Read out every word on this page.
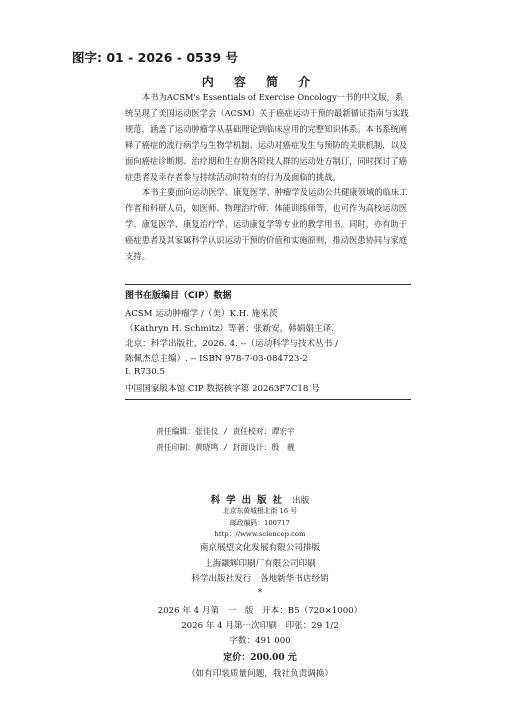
图字: 01 - 2026 - 0539 号
内 容 简 介
本书为ACSM's Essentials of Exercise Oncology一书的中文版，系统呈现了美国运动医学会（ACSM）关于癌症运动干预的最新循证指南与实践规范，涵盖了运动肿瘤学从基础理论到临床应用的完整知识体系。本书系统阐释了癌症的流行病学与生物学机制、运动对癌症发生与预防的关联机制，以及面向癌症诊断期、治疗期和生存期各阶段人群的运动处方制订，同时探讨了癌症患者及幸存者参与持续活动时特有的行为及面临的挑战。
本书主要面向运动医学、康复医学、肿瘤学及运动公共健康领域的临床工作者和科研人员，如医师、物理治疗师、体能训练师等，也可作为高校运动医学、康复医学、康复治疗学、运动康复学等专业的教学用书。同时，亦有助于癌症患者及其家属科学认识运动干预的价值和实施原则，推动医患协同与家庭支持。
图书在版编目（CIP）数据
ACSM 运动肿瘤学 /（美）K.H. 施米茨
（Kathryn H. Schmitz）等著；张新安，韩娟娟主译.
北京：科学出版社，2026. 4. --（运动科学与技术丛书 /
陈佩杰总主编）. -- ISBN 978-7-03-084723-2
Ⅰ. R730.5
中国国家版本馆 CIP 数据核字第 20263F7C18 号
责任编辑：张佳仪 / 责任校对：谭宏宇
责任印制：黄晓鸣 / 封面设计：殷　靓
科学出版社 出版
北京东黄城根北街 16 号
邮政编码：100717
http：//www.sciencep.com
南京展望文化发展有限公司排版
上海颛辉印刷厂有限公司印刷
科学出版社发行　各地新华书店经销
*
2026 年 4 月第　一　版　开本：B5（720×1000）
2026 年 4 月第一次印刷　印张：29 1/2
字数：491 000
定价：200.00 元
（如有印装质量问题，我社负责调换）
